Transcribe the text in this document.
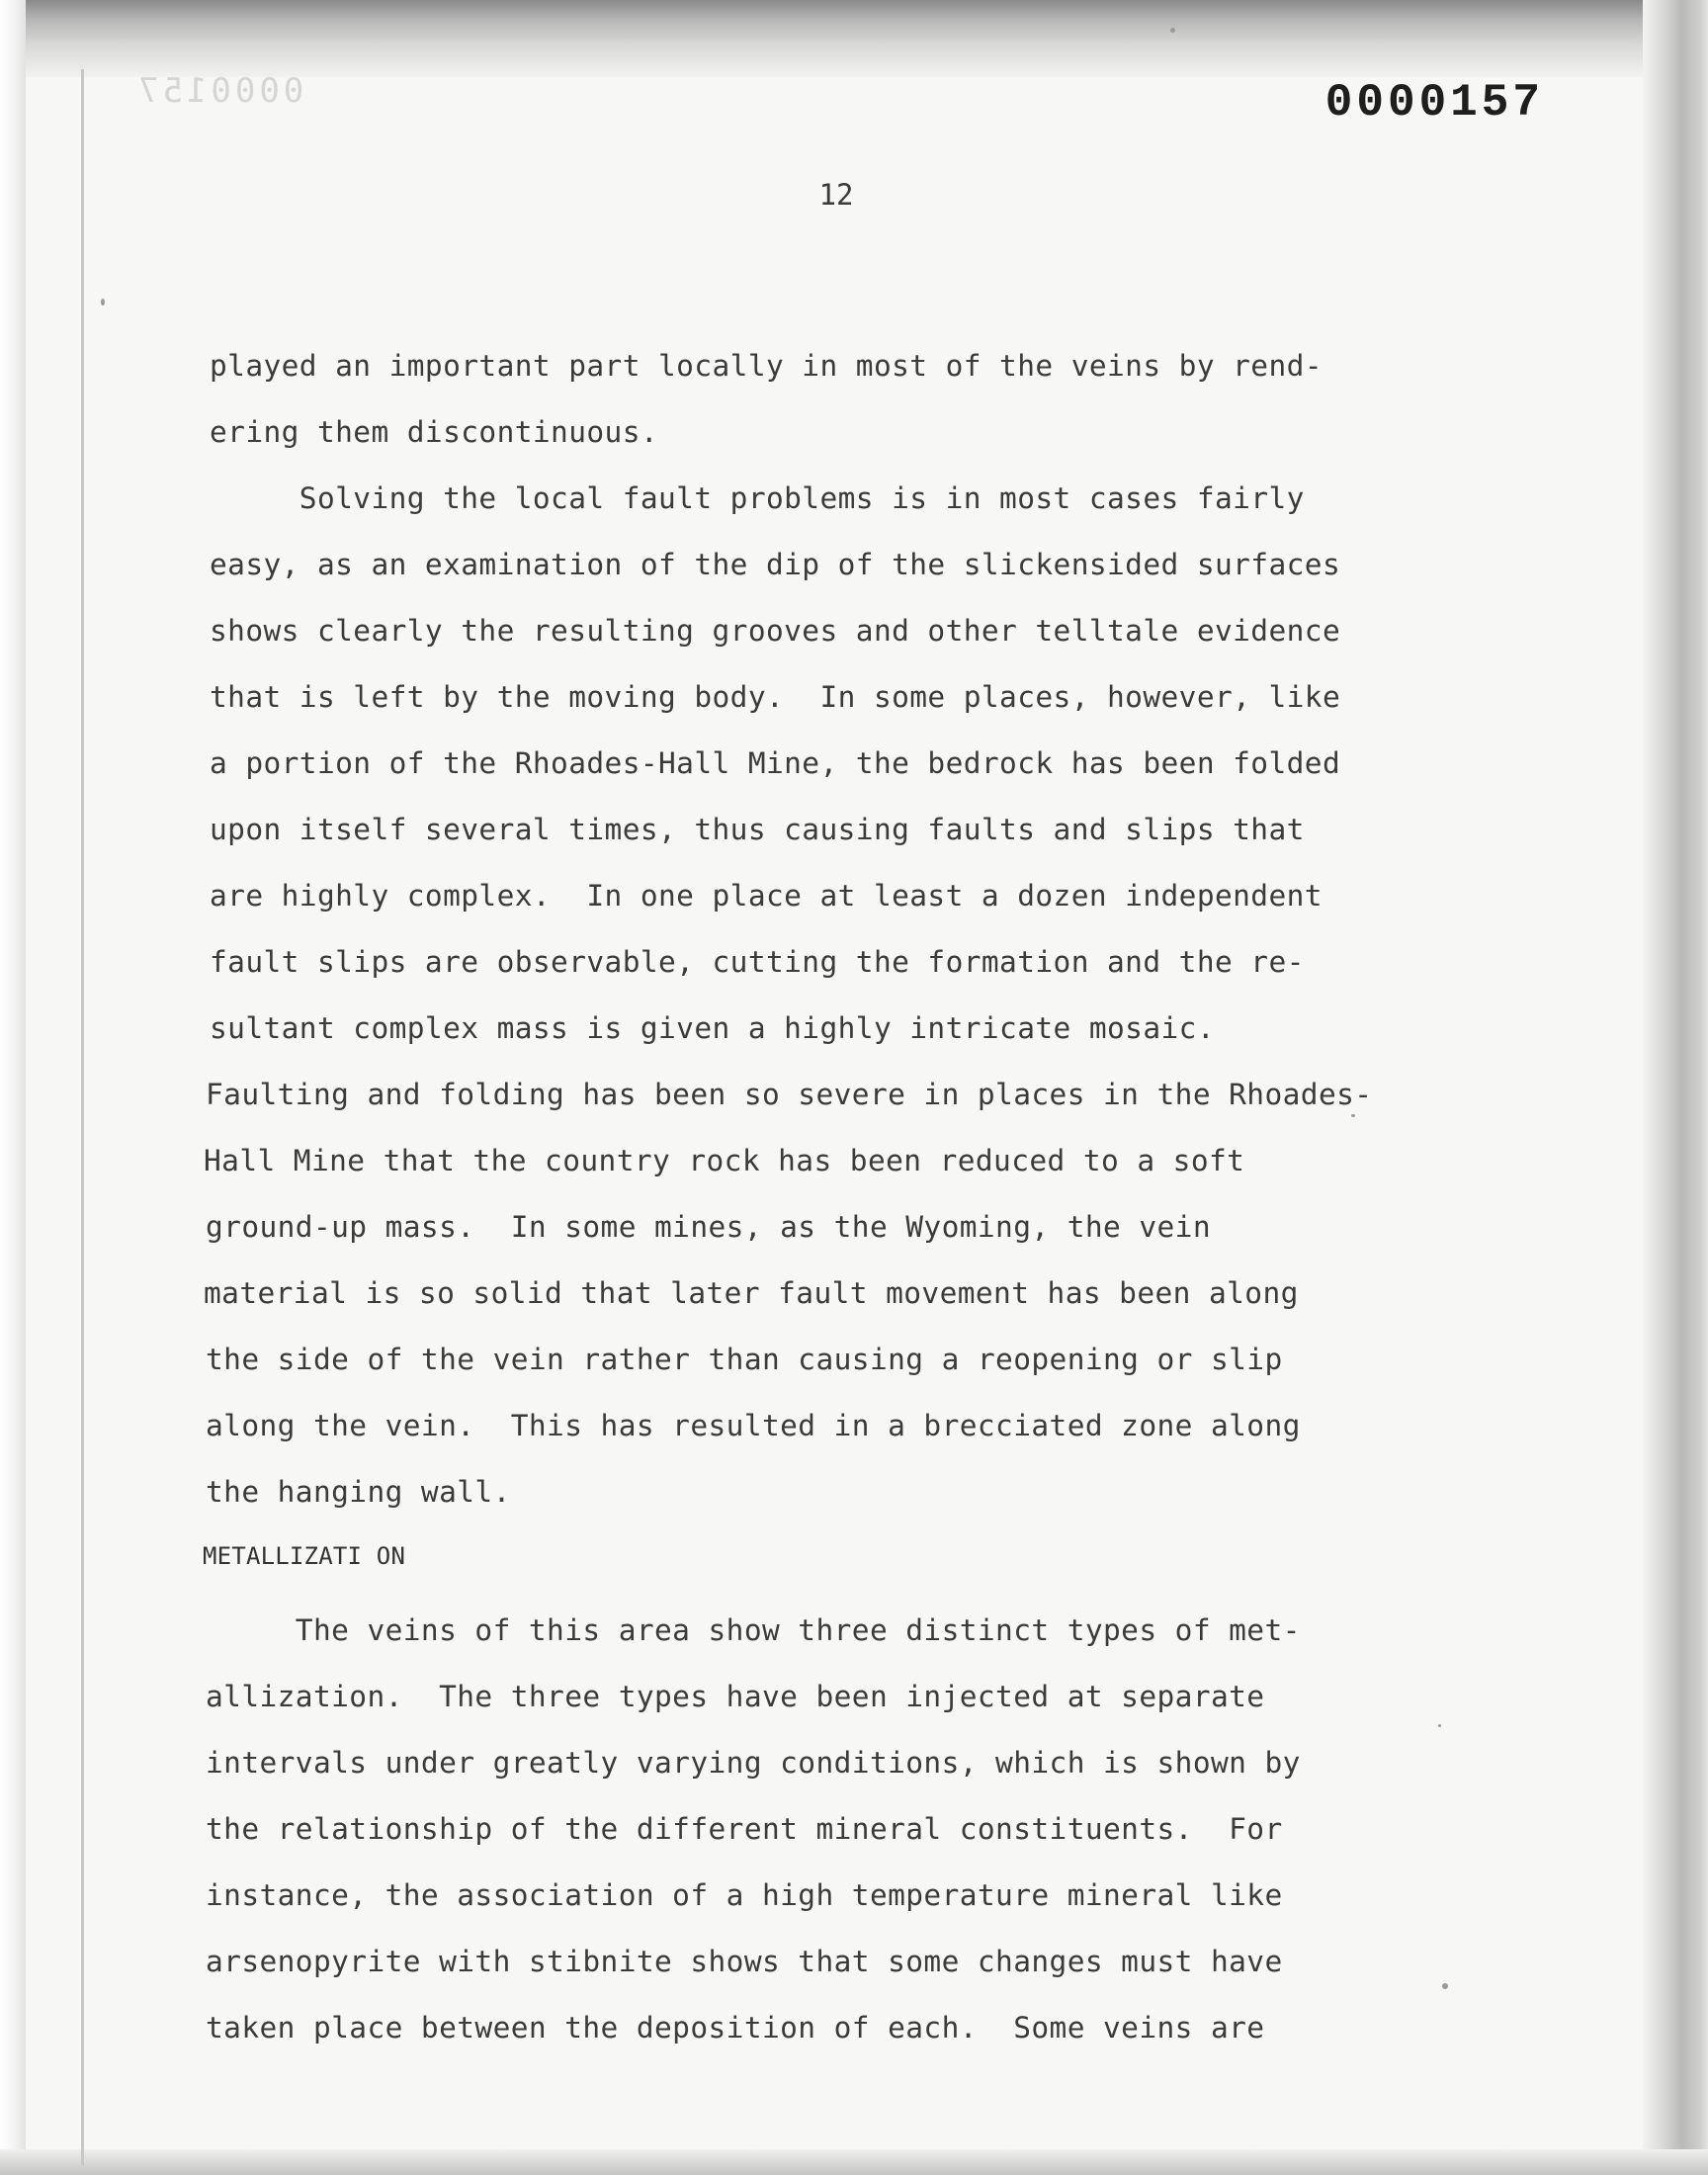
0000157	0000157
12
played an important part locally in most of the veins by rend-
ering them discontinuous.
Solving the local fault problems is in most cases fairly
easy, as an examination of the dip of the slickensided surfaces
shows clearly the resulting grooves and other telltale evidence
that is left by the moving body.  In some places, however, like
a portion of the Rhoades-Hall Mine, the bedrock has been folded
upon itself several times, thus causing faults and slips that
are highly complex.  In one place at least a dozen independent
fault slips are observable, cutting the formation and the re-
sultant complex mass is given a highly intricate mosaic.
Faulting and folding has been so severe in places in the Rhoades-
Hall Mine that the country rock has been reduced to a soft
ground-up mass.  In some mines, as the Wyoming, the vein
material is so solid that later fault movement has been along
the side of the vein rather than causing a reopening or slip
along the vein.  This has resulted in a brecciated zone along
the hanging wall.
METALLIZATI ON
The veins of this area show three distinct types of met-
allization.  The three types have been injected at separate
intervals under greatly varying conditions, which is shown by
the relationship of the different mineral constituents.  For
instance, the association of a high temperature mineral like
arsenopyrite with stibnite shows that some changes must have
taken place between the deposition of each.  Some veins are
